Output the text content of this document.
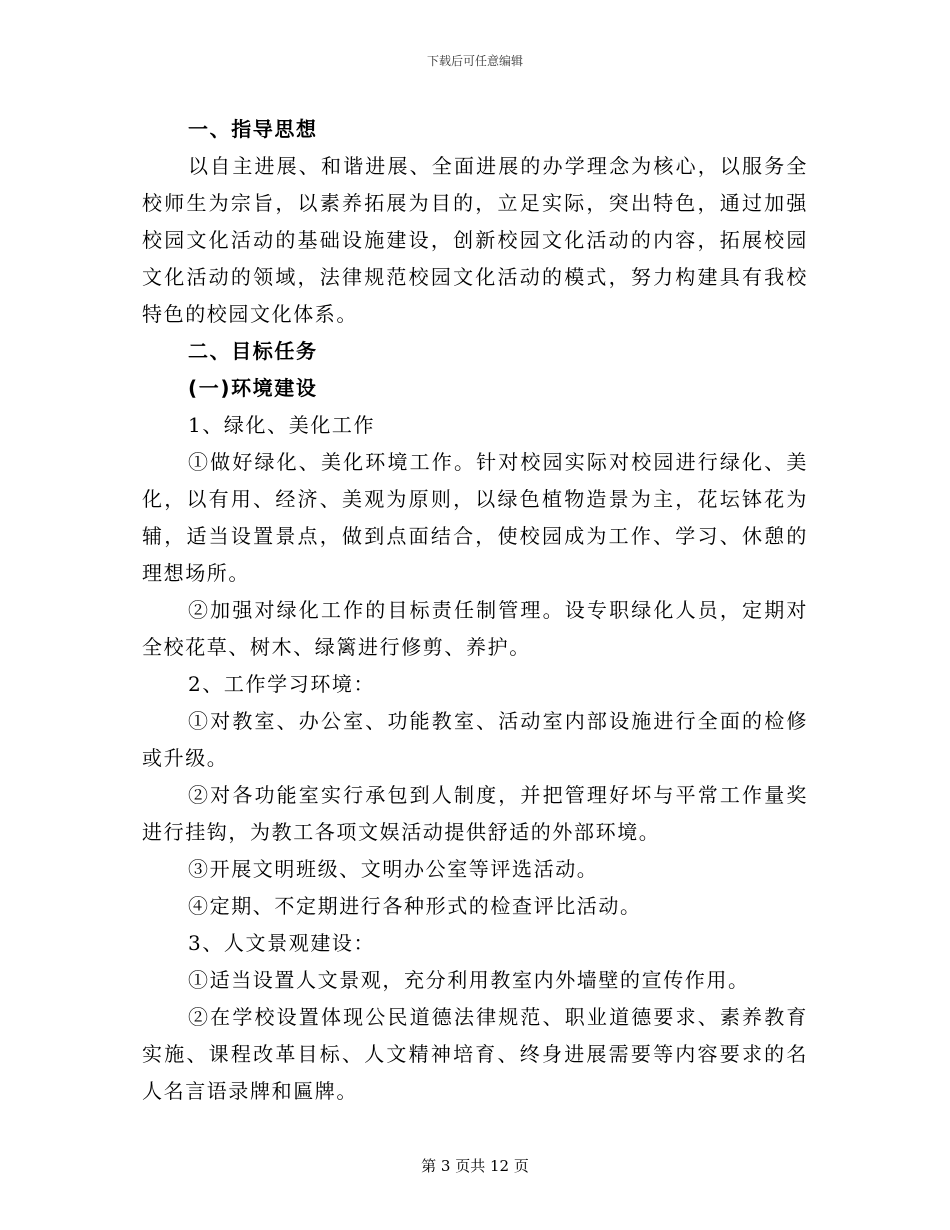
下载后可任意编辑

一、指导思想

以自主进展、和谐进展、全面进展的办学理念为核心，以服务全校师生为宗旨，以素养拓展为目的，立足实际，突出特色，通过加强校园文化活动的基础设施建设，创新校园文化活动的内容，拓展校园文化活动的领域，法律规范校园文化活动的模式，努力构建具有我校特色的校园文化体系。

二、目标任务

(一)环境建设

1、绿化、美化工作

①做好绿化、美化环境工作。针对校园实际对校园进行绿化、美化，以有用、经济、美观为原则，以绿色植物造景为主，花坛钵花为辅，适当设置景点，做到点面结合，使校园成为工作、学习、休憩的理想场所。

②加强对绿化工作的目标责任制管理。设专职绿化人员，定期对全校花草、树木、绿篱进行修剪、养护。

2、工作学习环境：

①对教室、办公室、功能教室、活动室内部设施进行全面的检修或升级。

②对各功能室实行承包到人制度，并把管理好坏与平常工作量奖进行挂钩，为教工各项文娱活动提供舒适的外部环境。

③开展文明班级、文明办公室等评选活动。

④定期、不定期进行各种形式的检查评比活动。

3、人文景观建设：

①适当设置人文景观，充分利用教室内外墙壁的宣传作用。

②在学校设置体现公民道德法律规范、职业道德要求、素养教育实施、课程改革目标、人文精神培育、终身进展需要等内容要求的名人名言语录牌和匾牌。

第 3 页共 12 页
